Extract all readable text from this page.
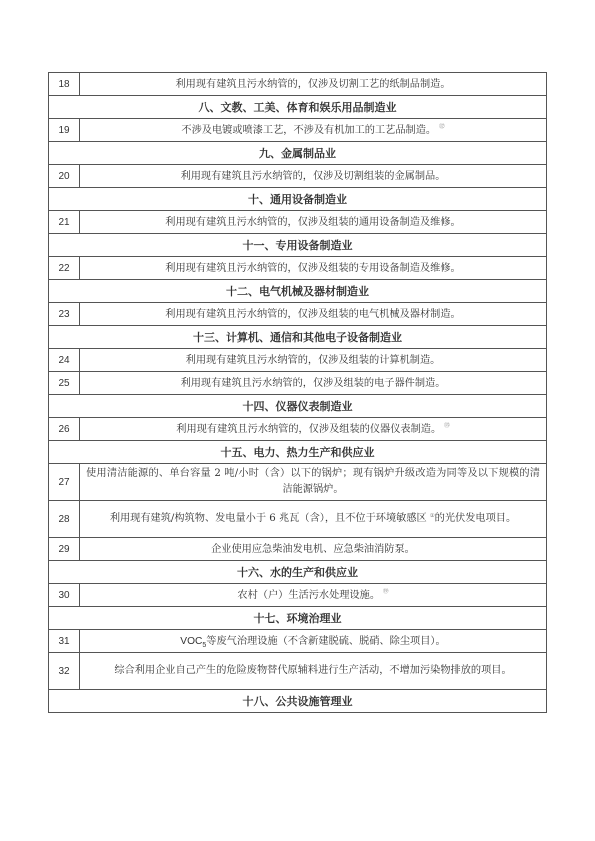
18	利用现有建筑且污水纳管的，仅涉及切割工艺的纸制品制造。
八、文教、工美、体育和娱乐用品制造业	
19	不涉及电镀或喷漆工艺，不涉及有机加工的工艺品制造。 ⑫
九、金属制品业	
20	利用现有建筑且污水纳管的，仅涉及切割组装的金属制品。
十、通用设备制造业	
21	利用现有建筑且污水纳管的，仅涉及组装的通用设备制造及维修。
十一、专用设备制造业	
22	利用现有建筑且污水纳管的，仅涉及组装的专用设备制造及维修。
十二、电气机械及器材制造业	
23	利用现有建筑且污水纳管的，仅涉及组装的电气机械及器材制造。
十三、计算机、通信和其他电子设备制造业	
24	利用现有建筑且污水纳管的，仅涉及组装的计算机制造。
25	利用现有建筑且污水纳管的，仅涉及组装的电子器件制造。
十四、仪器仪表制造业	
26	利用现有建筑且污水纳管的，仅涉及组装的仪器仪表制造。 ⑬
十五、电力、热力生产和供应业	
27	使用清洁能源的、单台容量 2 吨/小时（含）以下的锅炉；现有锅炉升级改造为同等及以下规模的清洁能源锅炉。
28	利用现有建筑/构筑物、发电量小于 6 兆瓦（含），且不位于环境敏感区 ①的光伏发电项目。
29	企业使用应急柴油发电机、应急柴油消防泵。
十六、水的生产和供应业	
30	农村（户）生活污水处理设施。 ⑲
十七、环境治理业	
31	$VOC_5$等废气治理设施（不含新建脱硫、脱硝、除尘项目）。
32	综合利用企业自己产生的危险废物替代原辅料进行生产活动，不增加污染物排放的项目。
十八、公共设施管理业	
